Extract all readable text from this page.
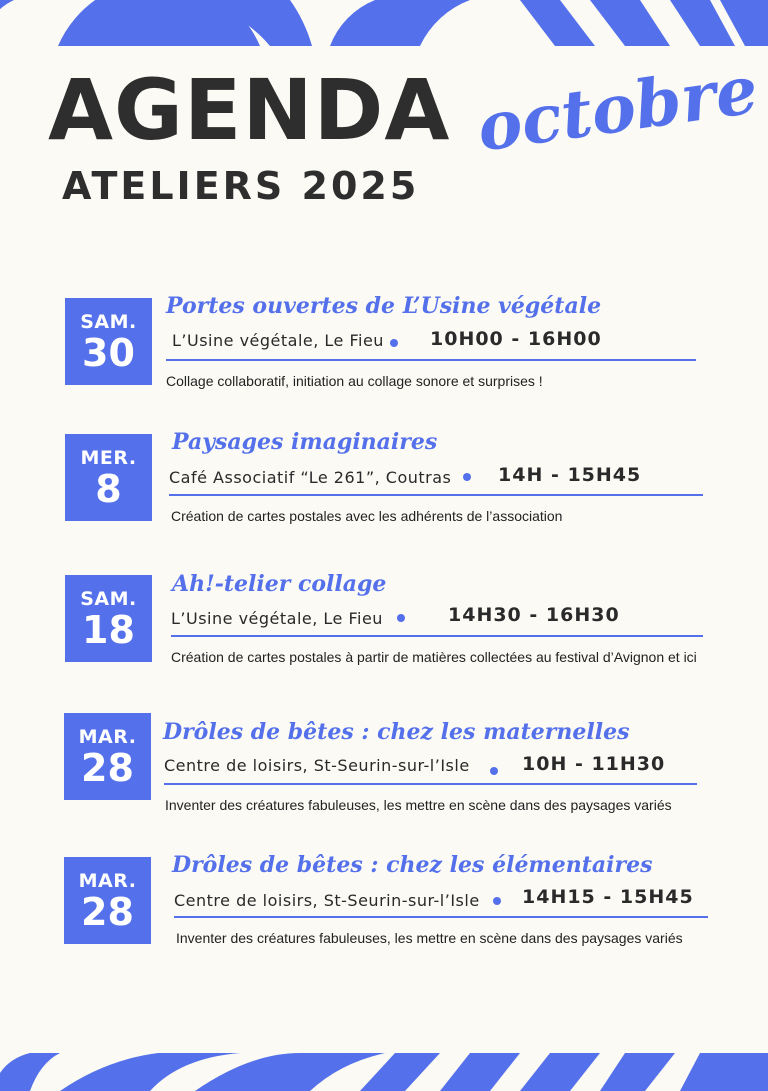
AGENDA
ATELIERS 2025
octobre
SAM.
30
Portes ouvertes de L’Usine végétale
L’Usine végétale, Le Fieu 10H00 - 16H00
Collage collaboratif, initiation au collage sonore et surprises !
MER.
8
Paysages imaginaires
Café Associatif “Le 261”, Coutras 14H - 15H45
Création de cartes postales avec les adhérents de l’association
SAM.
18
Ah!-telier collage
L’Usine végétale, Le Fieu	14H30 - 16H30
Création de cartes postales à partir de matières collectées au festival d’Avignon et ici
MAR.
28
Drôles de bêtes : chez les maternelles
Centre de loisirs, St-Seurin-sur-l’Isle	10H - 11H30
Inventer des créatures fabuleuses, les mettre en scène dans des paysages variés
MAR.
28
Drôles de bêtes : chez les élémentaires
Centre de loisirs, St-Seurin-sur-l’Isle 14H15 - 15H45
Inventer des créatures fabuleuses, les mettre en scène dans des paysages variés
